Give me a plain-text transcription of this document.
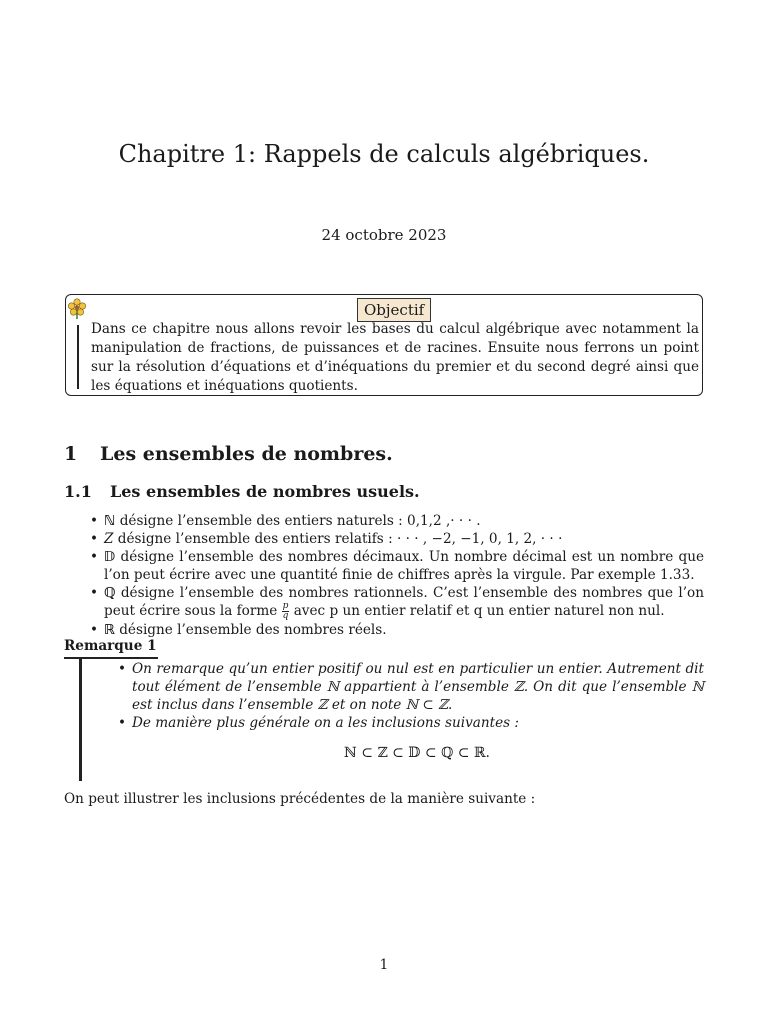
Chapitre 1: Rappels de calculs algébriques.
24 octobre 2023
Objectif
Dans ce chapitre nous allons revoir les bases du calcul algébrique avec notamment la manipulation de fractions, de puissances et de racines. Ensuite nous ferrons un point sur la résolution d’équations et d’inéquations du premier et du second degré ainsi que les équations et inéquations quotients.
1 Les ensembles de nombres.
1.1 Les ensembles de nombres usuels.
• ℕ désigne l’ensemble des entiers naturels : 0,1,2 ,· · · .
• Z désigne l’ensemble des entiers relatifs : · · · , −2, −1, 0, 1, 2, · · ·
• 𝔻 désigne l’ensemble des nombres décimaux. Un nombre décimal est un nombre que l’on peut écrire avec une quantité finie de chiffres après la virgule. Par exemple 1.33.
• ℚ désigne l’ensemble des nombres rationnels. C’est l’ensemble des nombres que l’on peut écrire sous la forme $\frac{p}{q}$ avec p un entier relatif et q un entier naturel non nul.
• ℝ désigne l’ensemble des nombres réels.
Remarque 1
• On remarque qu’un entier positif ou nul est en particulier un entier. Autrement dit tout élément de l’ensemble ℕ appartient à l’ensemble ℤ. On dit que l’ensemble ℕ est inclus dans l’ensemble ℤ et on note ℕ ⊂ ℤ.
• De manière plus générale on a les inclusions suivantes :
ℕ ⊂ ℤ ⊂ 𝔻 ⊂ ℚ ⊂ ℝ.
On peut illustrer les inclusions précédentes de la manière suivante :
1
